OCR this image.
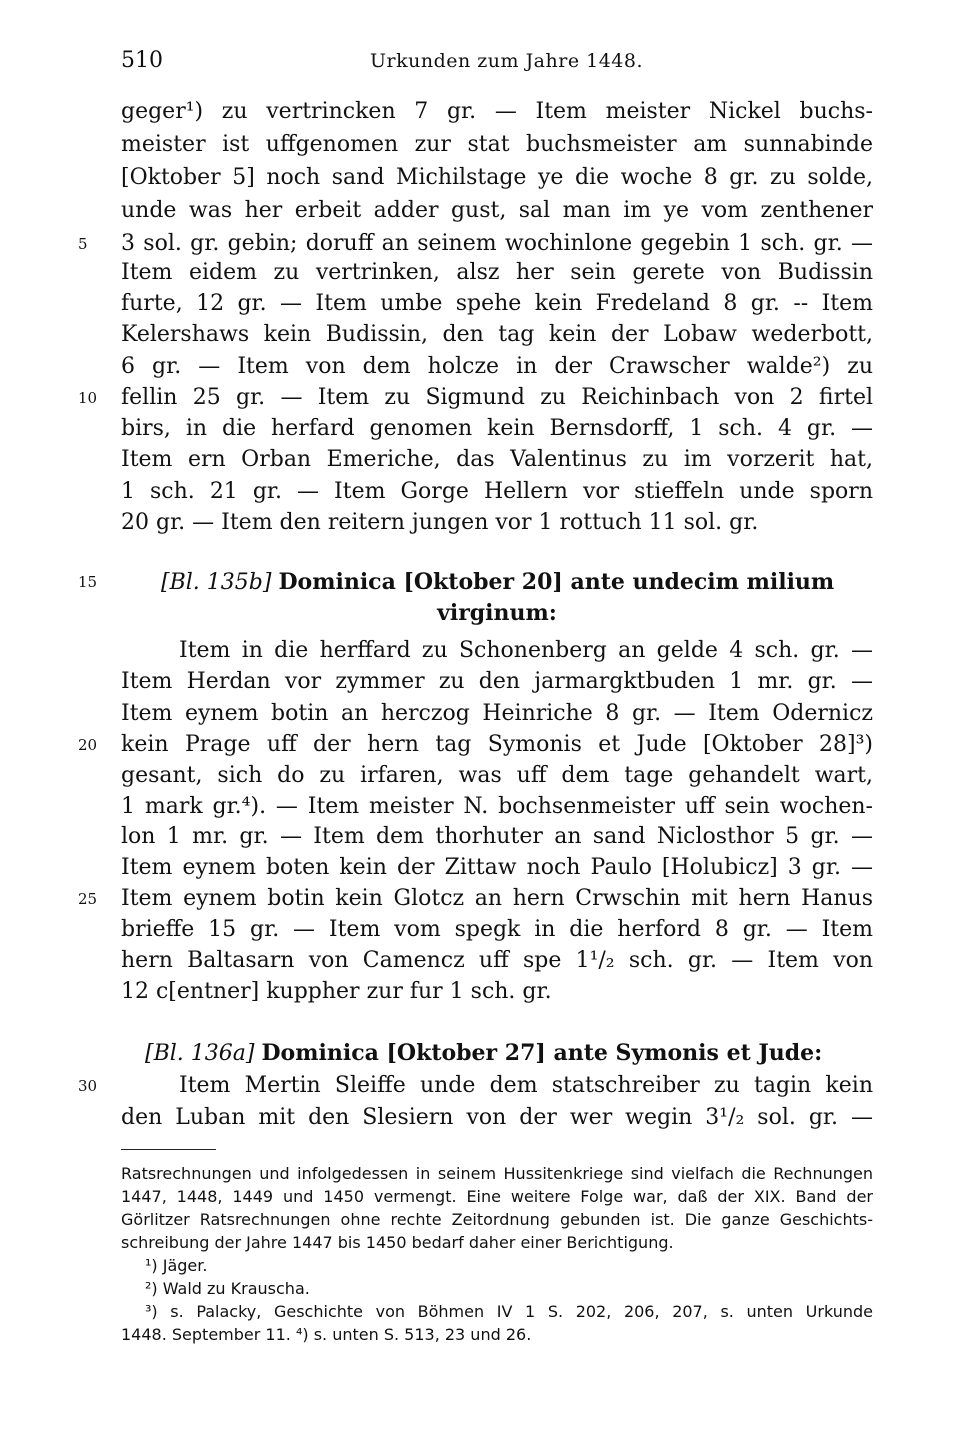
510	Urkunden zum Jahre 1448.
5
10
15
20
25
30
geger¹) zu vertrincken 7 gr. — Item meister Nickel buchs-
meister ist uffgenomen zur stat buchsmeister am sunnabinde
[Oktober 5] noch sand Michilstage ye die woche 8 gr. zu solde,
unde was her erbeit adder gust, sal man im ye vom zenthener
3 sol. gr. gebin; doruff an seinem wochinlone gegebin 1 sch. gr. —
Item eidem zu vertrinken, alsz her sein gerete von Budissin
furte, 12 gr. — Item umbe spehe kein Fredeland 8 gr. -- Item
Kelershaws kein Budissin, den tag kein der Lobaw wederbott,
6 gr. — Item von dem holcze in der Crawscher walde²) zu
fellin 25 gr. — Item zu Sigmund zu Reichinbach von 2 firtel
birs, in die herfard genomen kein Bernsdorff, 1 sch. 4 gr. —
Item ern Orban Emeriche, das Valentinus zu im vorzerit hat,
1 sch. 21 gr. — Item Gorge Hellern vor stieffeln unde sporn
20 gr. — Item den reitern jungen vor 1 rottuch 11 sol. gr.
[Bl. 135b] Dominica [Oktober 20] ante undecim milium
virginum:
Item in die herffard zu Schonenberg an gelde 4 sch. gr. —
Item Herdan vor zymmer zu den jarmargktbuden 1 mr. gr. —
Item eynem botin an herczog Heinriche 8 gr. — Item Odernicz
kein Prage uff der hern tag Symonis et Jude [Oktober 28]³)
gesant, sich do zu irfaren, was uff dem tage gehandelt wart,
1 mark gr.⁴). — Item meister N. bochsenmeister uff sein wochen-
lon 1 mr. gr. — Item dem thorhuter an sand Niclosthor 5 gr. —
Item eynem boten kein der Zittaw noch Paulo [Holubicz] 3 gr. —
Item eynem botin kein Glotcz an hern Crwschin mit hern Hanus
brieffe 15 gr. — Item vom spegk in die herford 8 gr. — Item
hern Baltasarn von Camencz uff spe 1¹/₂ sch. gr. — Item von
12 c[entner] kuppher zur fur 1 sch. gr.
[Bl. 136a] Dominica [Oktober 27] ante Symonis et Jude:
Item Mertin Sleiffe unde dem statschreiber zu tagin kein
den Luban mit den Slesiern von der wer wegin 3¹/₂ sol. gr. —
Ratsrechnungen und infolgedessen in seinem Hussitenkriege sind vielfach die Rechnungen
1447, 1448, 1449 und 1450 vermengt. Eine weitere Folge war, daß der XIX. Band der
Görlitzer Ratsrechnungen ohne rechte Zeitordnung gebunden ist. Die ganze Geschichts-
schreibung der Jahre 1447 bis 1450 bedarf daher einer Berichtigung.
¹) Jäger.
²) Wald zu Krauscha.
³) s. Palacky, Geschichte von Böhmen IV 1 S. 202, 206, 207, s. unten Urkunde
1448. September 11. ⁴) s. unten S. 513, 23 und 26.
